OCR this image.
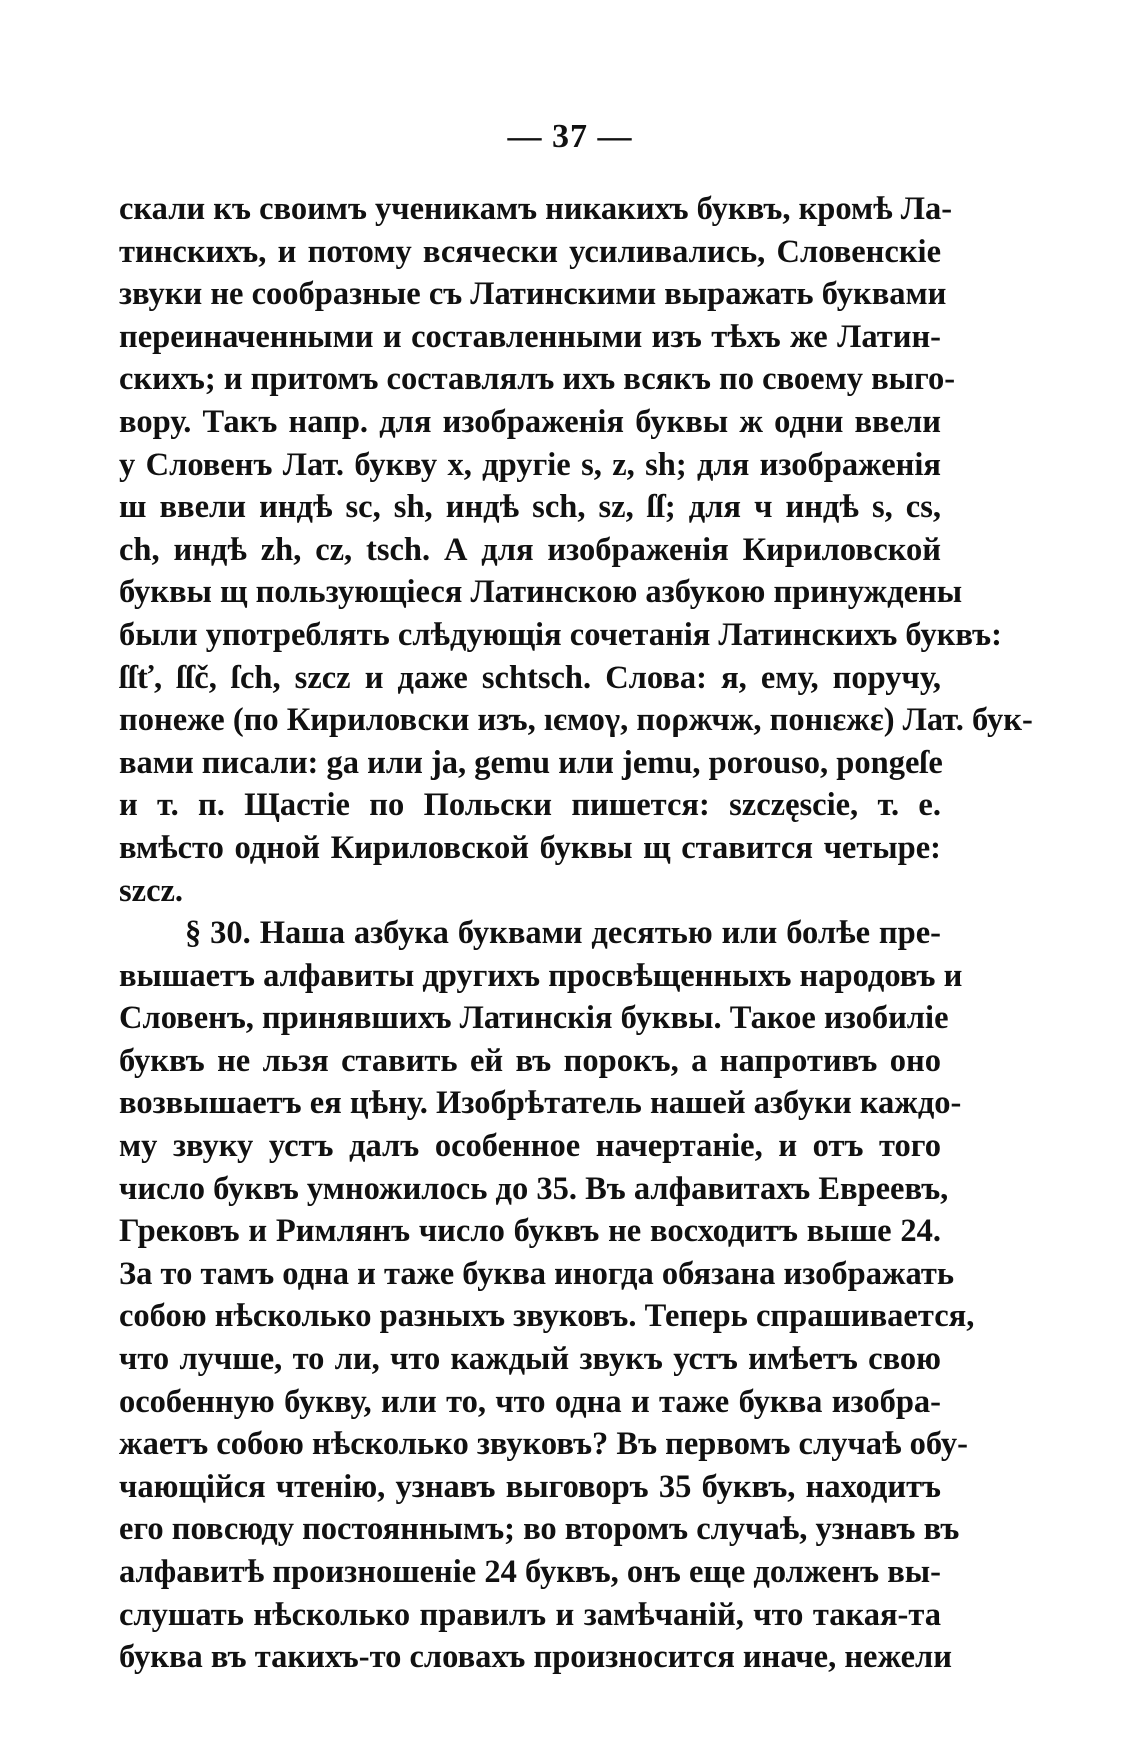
— 37 —
скали къ своимъ ученикамъ никакихъ буквъ, кромѣ Ла-
тинскихъ, и потому всячески усиливались, Словенскіе
звуки не сообразные съ Латинскими выражать буквами
переиначенными и составленными изъ тѣхъ же Латин-
скихъ; и притомъ составлялъ ихъ всякъ по своему выго-
вору. Такъ напр. для изображенія буквы ж одни ввели
у Словенъ Лат. букву x, другіе s, z, sh; для изображенія
ш ввели индѣ sc, sh, индѣ sch, sz, ſſ; для ч индѣ s, cs,
ch, индѣ zh, cz, tsch. А для изображенія Кириловской
буквы щ пользующіеся Латинскою азбукою принуждены
были употреблять слѣдующія сочетанія Латинскихъ буквъ:
ſſť, ſſč, ſch, szcz и даже schtsch. Слова: я, ему, поручу,
понеже (по Кириловски изъ, ıємоγ, поρжчж, понıεжε) Лат. бук-
вами писали: ga или ja, gemu или jemu, porouso, pongeſe
и т. п. Щастіе по Польски пишется: szczęscie, т. е.
вмѣсто одной Кириловской буквы щ ставится четыре:
szcz.
§ 30. Наша азбука буквами десятью или болѣе пре-
вышаетъ алфавиты другихъ просвѣщенныхъ народовъ и
Словенъ, принявшихъ Латинскія буквы. Такое изобиліе
буквъ не льзя ставить ей въ порокъ, а напротивъ оно
возвышаетъ ея цѣну. Изобрѣтатель нашей азбуки каждо-
му звуку устъ далъ особенное начертаніе, и отъ того
число буквъ умножилось до 35. Въ алфавитахъ Евреевъ,
Грековъ и Римлянъ число буквъ не восходитъ выше 24.
За то тамъ одна и таже буква иногда обязана изображать
собою нѣсколько разныхъ звуковъ. Теперь спрашивается,
что лучше, то ли, что каждый звукъ устъ имѣетъ свою
особенную букву, или то, что одна и таже буква изобра-
жаетъ собою нѣсколько звуковъ? Въ первомъ случаѣ обу-
чающійся чтенію, узнавъ выговоръ 35 буквъ, находитъ
его повсюду постояннымъ; во второмъ случаѣ, узнавъ въ
алфавитѣ произношеніе 24 буквъ, онъ еще долженъ вы-
слушать нѣсколько правилъ и замѣчаній, что такая-та
буква въ такихъ-то словахъ произносится иначе, нежели
